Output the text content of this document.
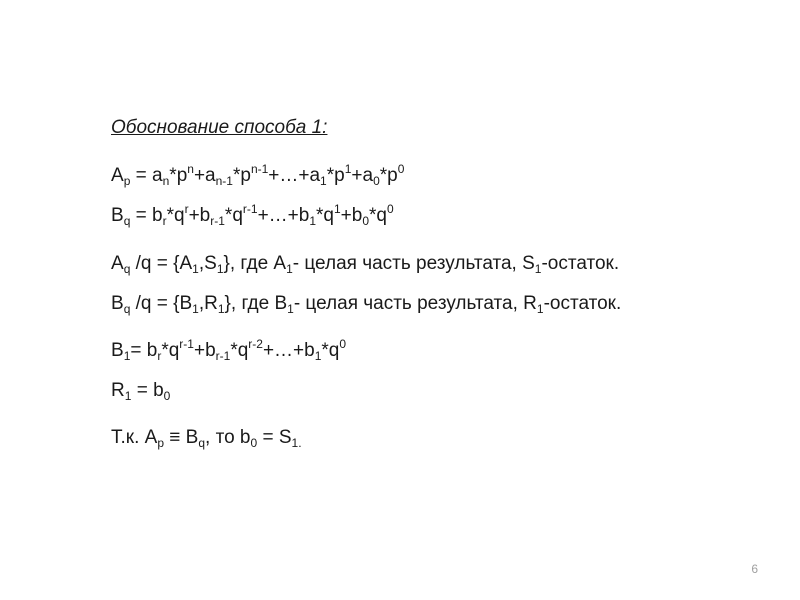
Обоснование способа 1:
$A_p$ = $a_n*p^n+a_{n-1}*p^{n-1}+\dots+a_1*p^1+a_0*p^0$
$B_q$ = $b_r*q^r+b_{r-1}*q^{r-1}+\dots+b_1*q^1+b_0*q^0$
$A_q$ $/q = \{A_1,S_1\}$, где $A_1-$ целая часть результата, $S_1$-остаток.
$B_q$ $/q = \{B_1,R_1\}$, где $B_1-$ целая часть результата, $R_1$-остаток.
$B_1=$ $b_r*q^{r-1}+b_{r-1}*q^{r-2}+\dots+b_1*q^0$
$R_1 = b_0$
Т.к. $A_p \equiv B_q$, то $b_0 = S_{1.}$
6
